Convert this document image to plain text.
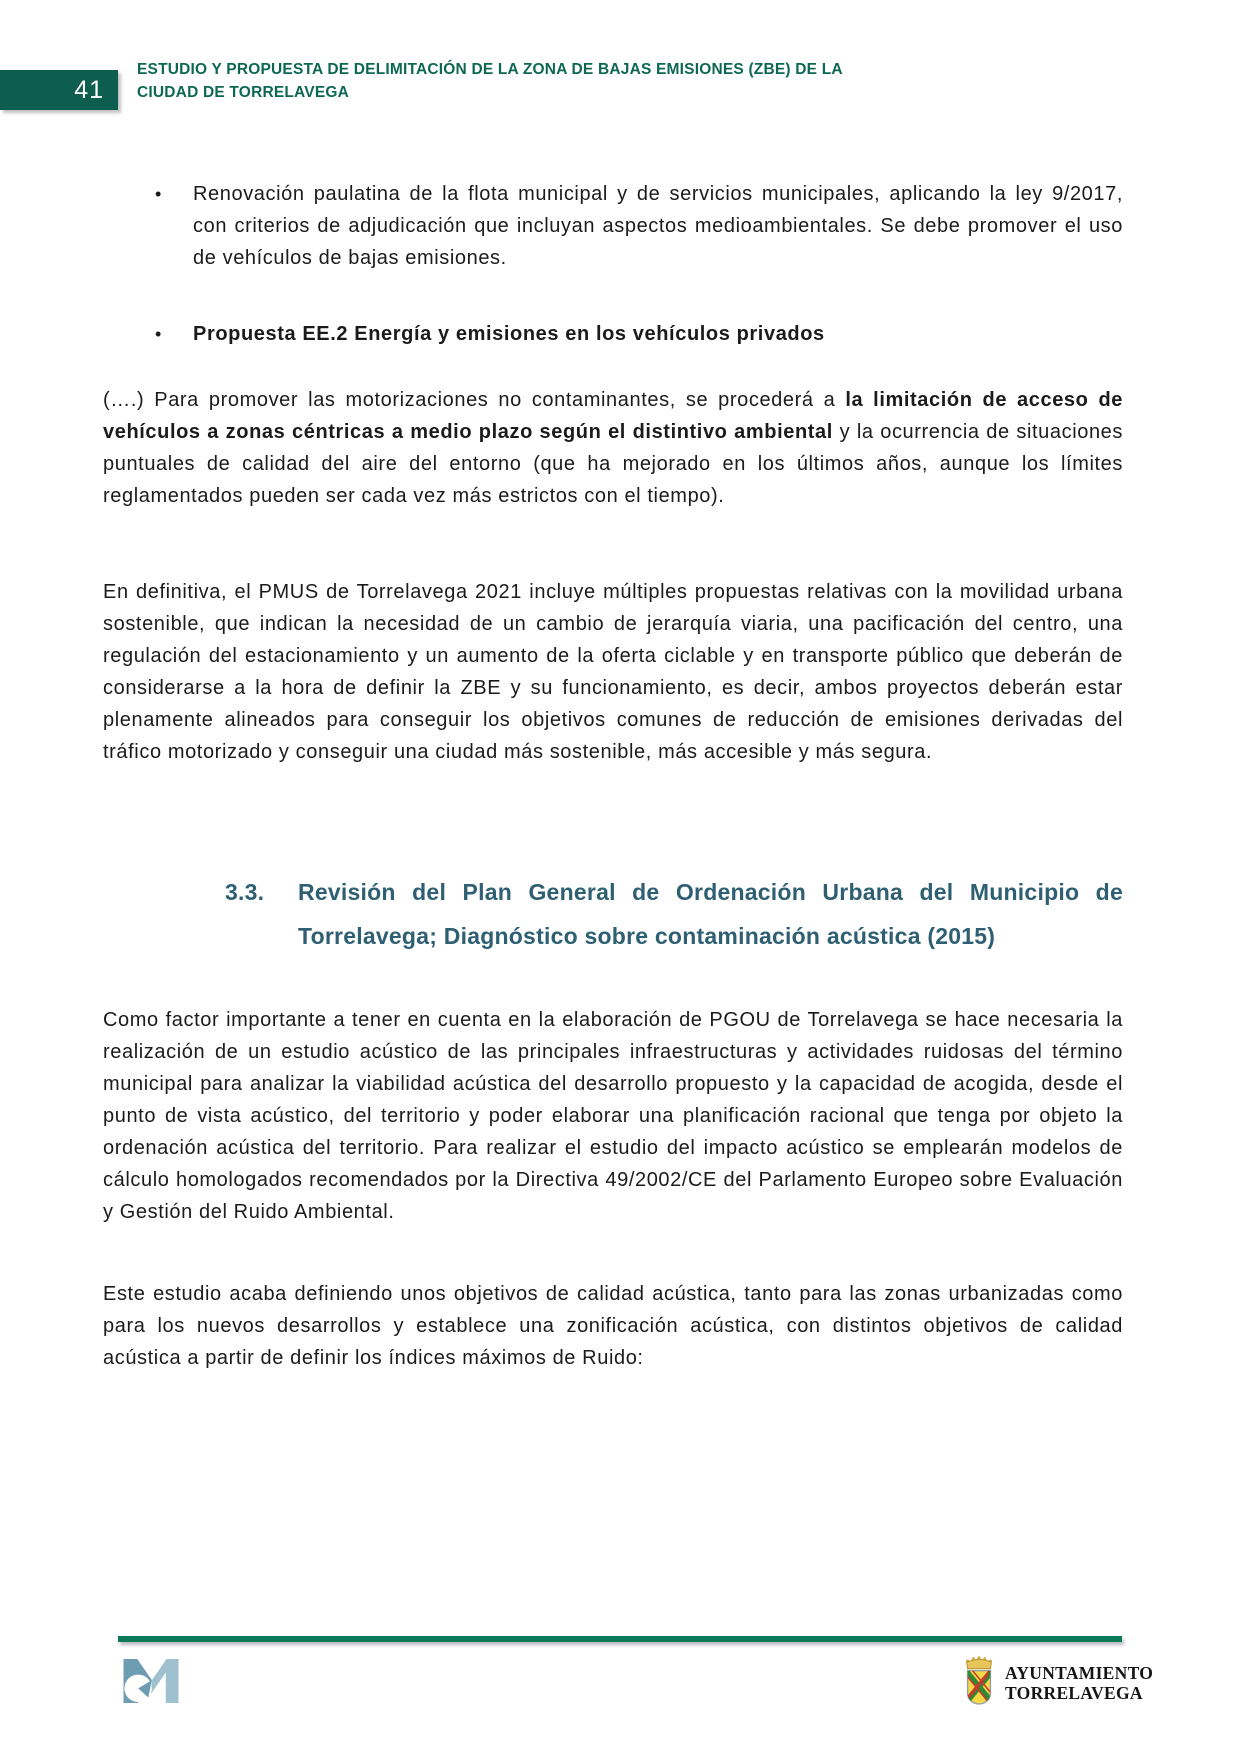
41
ESTUDIO Y PROPUESTA DE DELIMITACIÓN DE LA ZONA DE BAJAS EMISIONES (ZBE) DE LA
CIUDAD DE TORRELAVEGA
•	Renovación paulatina de la flota municipal y de servicios municipales, aplicando la ley 9/2017, con criterios de adjudicación que incluyan aspectos medioambientales. Se debe promover el uso de vehículos de bajas emisiones.
•	Propuesta EE.2 Energía y emisiones en los vehículos privados
(….) Para promover las motorizaciones no contaminantes, se procederá a la limitación de acceso de vehículos a zonas céntricas a medio plazo según el distintivo ambiental y la ocurrencia de situaciones puntuales de calidad del aire del entorno (que ha mejorado en los últimos años, aunque los límites reglamentados pueden ser cada vez más estrictos con el tiempo).
En definitiva, el PMUS de Torrelavega 2021 incluye múltiples propuestas relativas con la movilidad urbana sostenible, que indican la necesidad de un cambio de jerarquía viaria, una pacificación del centro, una regulación del estacionamiento y un aumento de la oferta ciclable y en transporte público que deberán de considerarse a la hora de definir la ZBE y su funcionamiento, es decir, ambos proyectos deberán estar plenamente alineados para conseguir los objetivos comunes de reducción de emisiones derivadas del tráfico motorizado y conseguir una ciudad más sostenible, más accesible y más segura.
3.3.	Revisión del Plan General de Ordenación Urbana del Municipio de Torrelavega; Diagnóstico sobre contaminación acústica (2015)
Como factor importante a tener en cuenta en la elaboración de PGOU de Torrelavega se hace necesaria la realización de un estudio acústico de las principales infraestructuras y actividades ruidosas del término municipal para analizar la viabilidad acústica del desarrollo propuesto y la capacidad de acogida, desde el punto de vista acústico, del territorio y poder elaborar una planificación racional que tenga por objeto la ordenación acústica del territorio. Para realizar el estudio del impacto acústico se emplearán modelos de cálculo homologados recomendados por la Directiva 49/2002/CE del Parlamento Europeo sobre Evaluación y Gestión del Ruido Ambiental.
Este estudio acaba definiendo unos objetivos de calidad acústica, tanto para las zonas urbanizadas como para los nuevos desarrollos y establece una zonificación acústica, con distintos objetivos de calidad acústica a partir de definir los índices máximos de Ruido:
AYUNTAMIENTO
TORRELAVEGA
